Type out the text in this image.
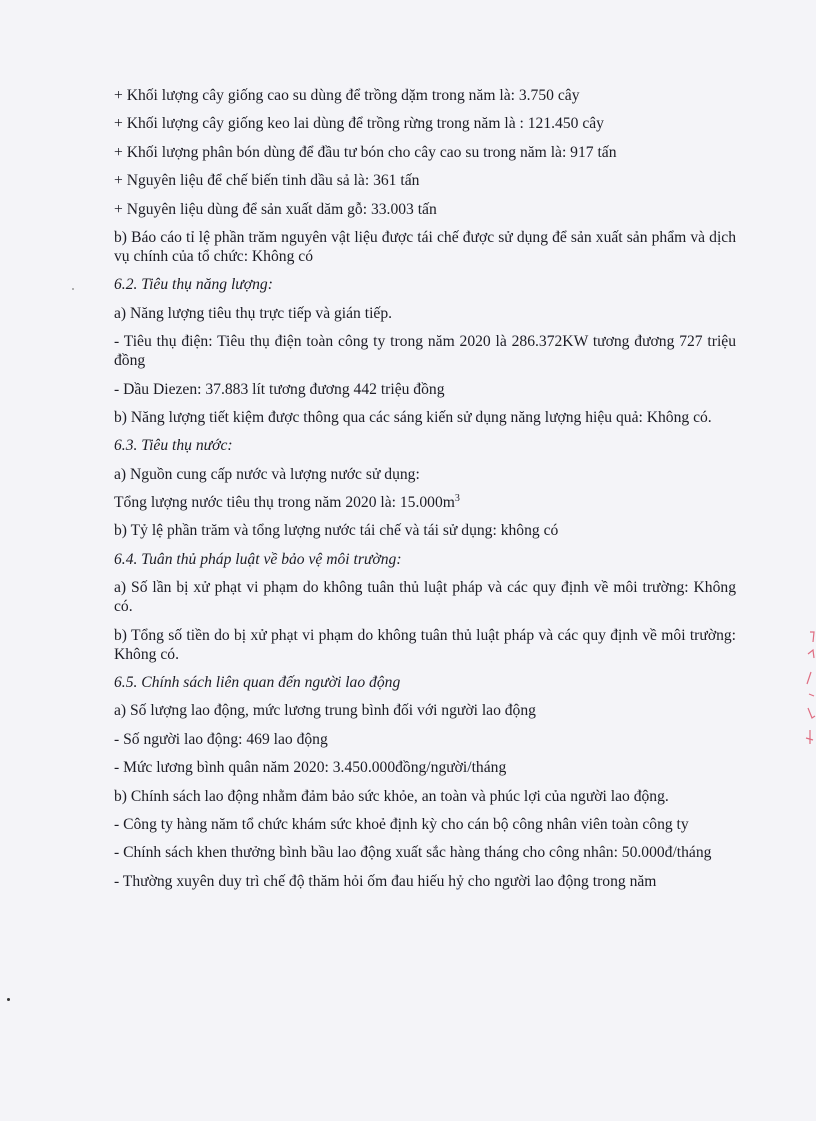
+ Khối lượng cây giống cao su dùng để trồng dặm trong năm là: 3.750 cây

+ Khối lượng cây giống keo lai dùng để trồng rừng trong năm là : 121.450 cây

+ Khối lượng phân bón dùng để đầu tư bón cho cây cao su trong năm là: 917 tấn

+ Nguyên liệu để chế biến tinh dầu sả là: 361 tấn

+ Nguyên liệu dùng để sản xuất dăm gỗ: 33.003 tấn

b) Báo cáo tỉ lệ phần trăm nguyên vật liệu được tái chế được sử dụng để sản xuất sản phẩm và dịch vụ chính của tổ chức: Không có

6.2. Tiêu thụ năng lượng:

a) Năng lượng tiêu thụ trực tiếp và gián tiếp.

- Tiêu thụ điện: Tiêu thụ điện toàn công ty trong năm 2020 là 286.372KW tương đương 727 triệu đồng

- Dầu Diezen: 37.883 lít tương đương 442 triệu đồng

b) Năng lượng tiết kiệm được thông qua các sáng kiến sử dụng năng lượng hiệu quả: Không có.

6.3. Tiêu thụ nước:

a) Nguồn cung cấp nước và lượng nước sử dụng:

Tổng lượng nước tiêu thụ trong năm 2020 là: $15.000m^3$

b) Tỷ lệ phần trăm và tổng lượng nước tái chế và tái sử dụng: không có

6.4. Tuân thủ pháp luật về bảo vệ môi trường:

a) Số lần bị xử phạt vi phạm do không tuân thủ luật pháp và các quy định về môi trường: Không có.

b) Tổng số tiền do bị xử phạt vi phạm do không tuân thủ luật pháp và các quy định về môi trường: Không có.

6.5. Chính sách liên quan đến người lao động

a) Số lượng lao động, mức lương trung bình đối với người lao động

- Số người lao động: 469 lao động

- Mức lương bình quân năm 2020: 3.450.000đồng/người/tháng

b) Chính sách lao động nhằm đảm bảo sức khỏe, an toàn và phúc lợi của người lao động.

- Công ty hàng năm tổ chức khám sức khoẻ định kỳ cho cán bộ công nhân viên toàn công ty

- Chính sách khen thưởng bình bầu lao động xuất sắc hàng tháng cho công nhân: 50.000đ/tháng

- Thường xuyên duy trì chế độ thăm hỏi ốm đau hiếu hỷ cho người lao động trong năm
